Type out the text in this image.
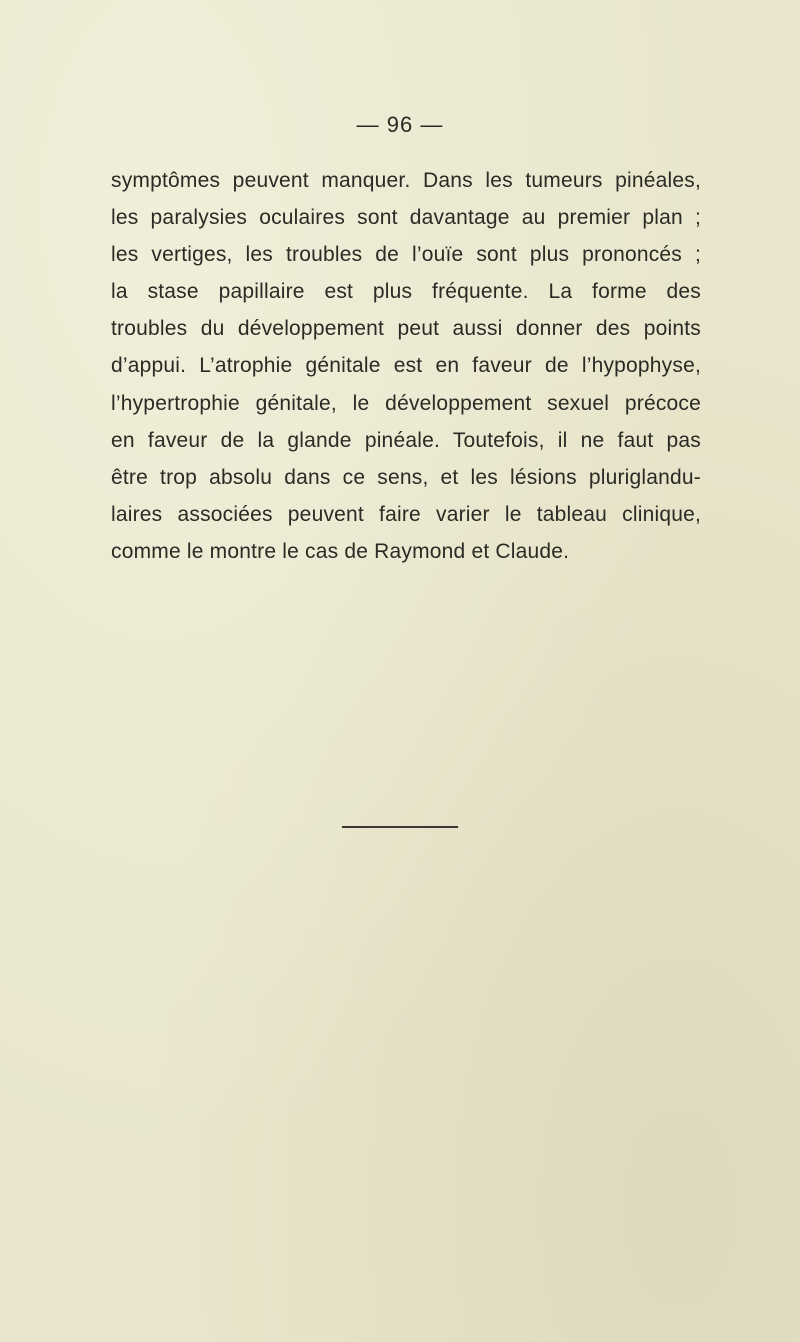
— 96 —
symptômes peuvent manquer. Dans les tumeurs pinéales,
les paralysies oculaires sont davantage au premier plan ;
les vertiges, les troubles de l’ouïe sont plus prononcés ;
la stase papillaire est plus fréquente. La forme des
troubles du développement peut aussi donner des points
d’appui. L’atrophie génitale est en faveur de l’hypophyse,
l’hypertrophie génitale, le développement sexuel précoce
en faveur de la glande pinéale. Toutefois, il ne faut pas
être trop absolu dans ce sens, et les lésions pluriglandu-
laires associées peuvent faire varier le tableau clinique,
comme le montre le cas de Raymond et Claude.
